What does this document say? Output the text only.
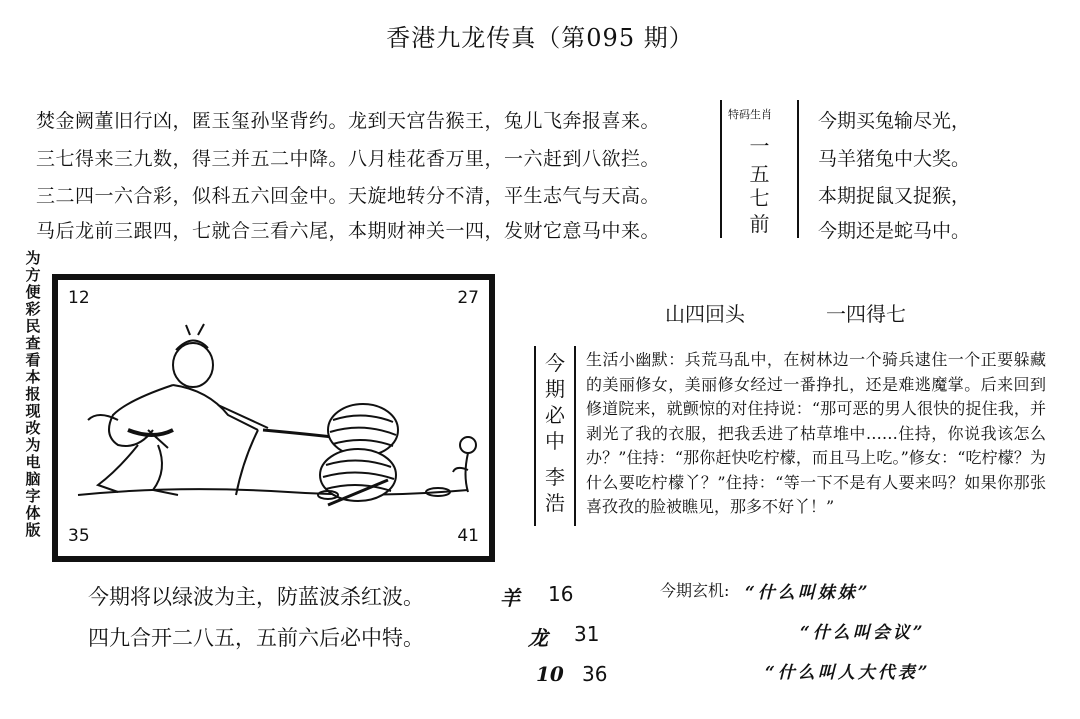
香港九龙传真（第095 期）
焚金阙董旧行凶，匿玉玺孙坚背约。龙到天宫告猴王，兔儿飞奔报喜来。
三七得来三九数，得三并五二中降。八月桂花香万里，一六赶到八欲拦。
三二四一六合彩，似科五六回金中。天旋地转分不清，平生志气与天高。
马后龙前三跟四，七就合三看六尾，本期财神关一四，发财它意马中来。
特码生肖
一
五
七
前
今期买兔输尽光，
马羊猪兔中大奖。
本期捉鼠又捉猴，
今期还是蛇马中。
为方便彩民查看本报现改为电脑字体版
12	27
35	41
山四回头	一四得七
今
期
必
中
李
浩
生活小幽默：兵荒马乱中，在树林边一个骑兵逮住一个正要躲藏的美丽修女，美丽修女经过一番挣扎，还是难逃魔掌。后来回到修道院来，就颤惊的对住持说：“那可恶的男人很快的捉住我，并剥光了我的衣服，把我丢进了枯草堆中……住持，你说我该怎么办？”住持：“那你赶快吃柠檬，而且马上吃。”修女：“吃柠檬？为什么要吃柠檬丫？”住持：“等一下不是有人要来吗？如果你那张喜孜孜的脸被瞧见，那多不好丫！”
今期将以绿波为主，防蓝波杀红波。
四九合开二八五，五前六后必中特。
羊 16
龙 31
10 36
今期玄机: “什么叫妹妹”
“什么叫会议”
“什么叫人大代表”
